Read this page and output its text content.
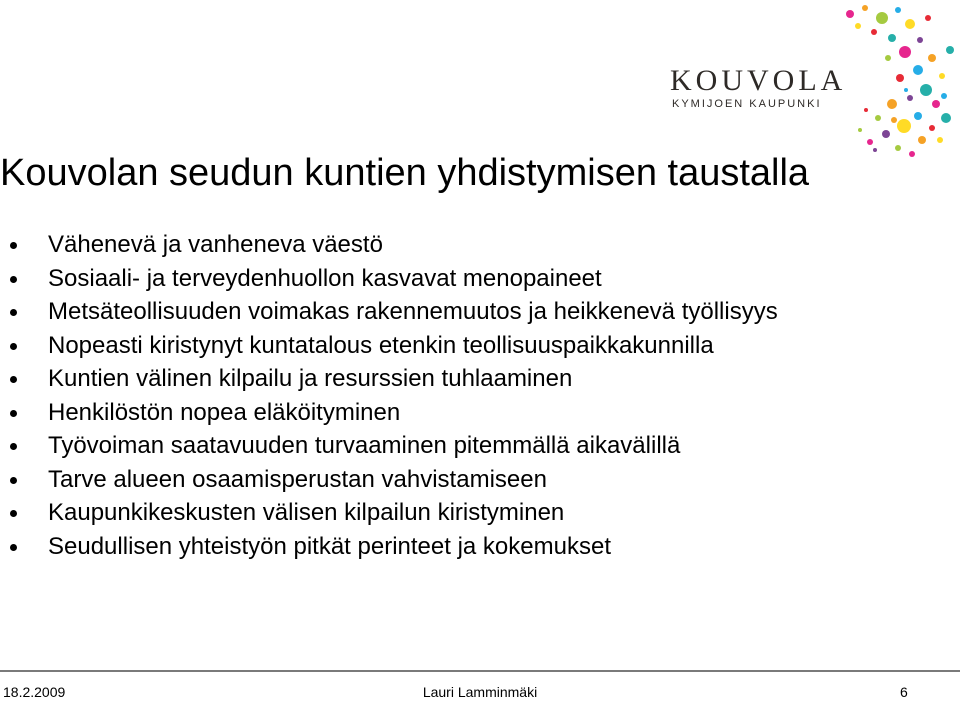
KOUVOLA
KYMIJOEN KAUPUNKI
Kouvolan seudun kuntien yhdistymisen taustalla
Vähenevä ja vanheneva väestö
Sosiaali- ja terveydenhuollon kasvavat menopaineet
Metsäteollisuuden voimakas rakennemuutos ja heikkenevä työllisyys
Nopeasti kiristynyt kuntatalous etenkin teollisuuspaikkakunnilla
Kuntien välinen kilpailu ja resurssien tuhlaaminen
Henkilöstön nopea eläköityminen
Työvoiman saatavuuden turvaaminen pitemmällä aikavälillä
Tarve alueen osaamisperustan vahvistamiseen
Kaupunkikeskusten välisen kilpailun kiristyminen
Seudullisen yhteistyön pitkät perinteet ja kokemukset
18.2.2009	Lauri Lamminmäki	6
